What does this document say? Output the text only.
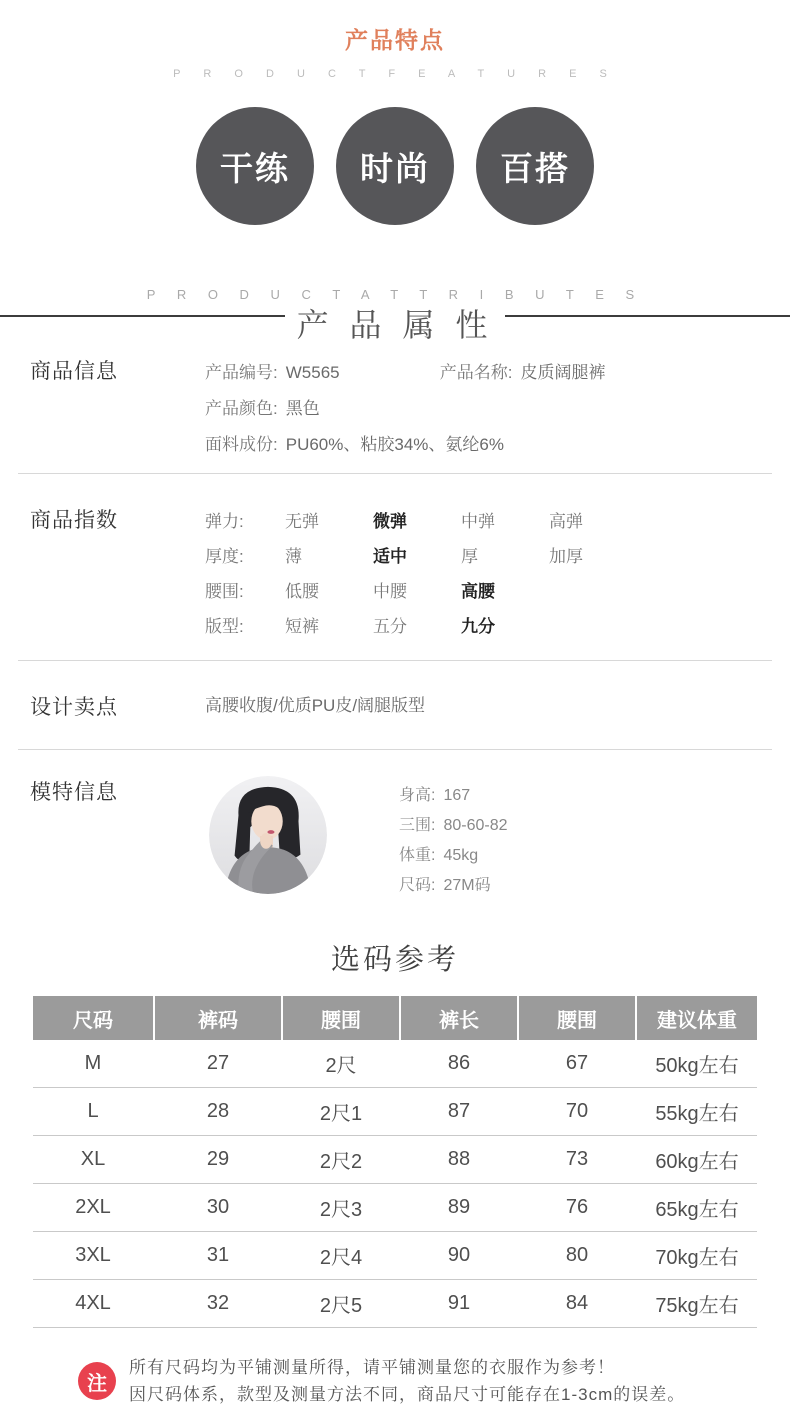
产品特点
P R O D U C T F E A T U R E S
干练	时尚	百搭
P R O D U C T A T T R I B U T E S
产 品 属 性
商品信息	产品编号: W5565	产品名称: 皮质阔腿裤
产品颜色: 黑色
面料成份: PU60%、粘胶34%、氨纶6%
商品指数	弹力: 无弹	微弹	中弹	高弹
厚度: 薄	适中	厚	加厚
腰围: 低腰	中腰	高腰
版型: 短裤	五分	九分
设计卖点	高腰收腹/优质PU皮/阔腿版型
模特信息	身高: 167
三围: 80-60-82
体重: 45kg
尺码: 27M码
选码参考
尺码	裤码	腰围	裤长	腰围	建议体重
M	27	2尺	86	67	50kg左右
L	28	2尺1	87	70	55kg左右
XL	29	2尺2	88	73	60kg左右
2XL	30	2尺3	89	76	65kg左右
3XL	31	2尺4	90	80	70kg左右
4XL	32	2尺5	91	84	75kg左右
注
所有尺码均为平铺测量所得，请平铺测量您的衣服作为参考！
因尺码体系，款型及测量方法不同，商品尺寸可能存在1-3cm的误差。
